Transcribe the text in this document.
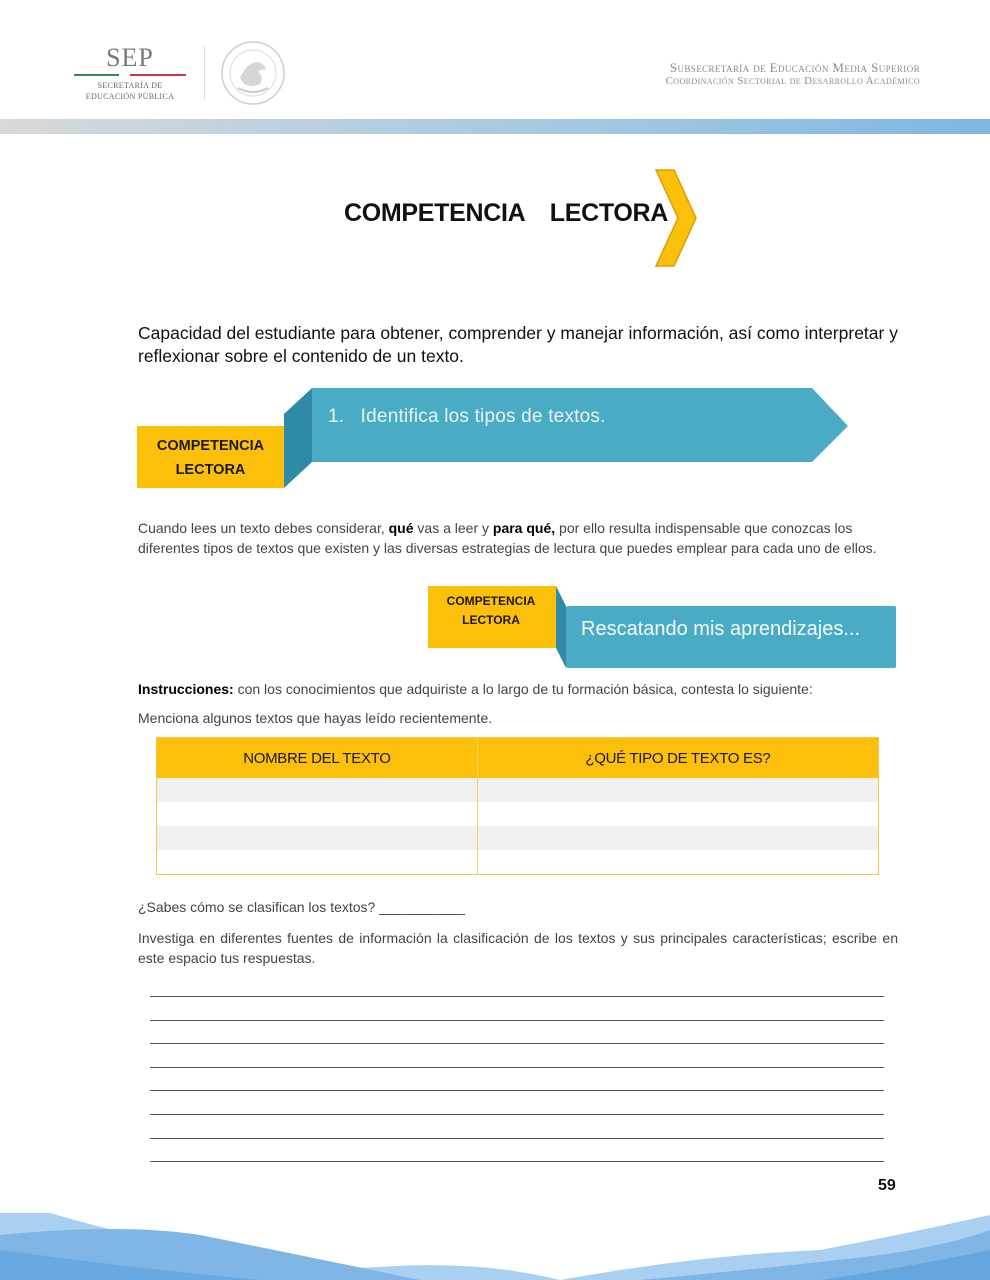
SEP
SECRETARÍA DE
EDUCACIÓN PÚBLICA
Subsecretaría de Educación Media Superior
Coordinación Sectorial de Desarrollo Académico
COMPETENCIA  LECTORA
Capacidad del estudiante para obtener, comprender y manejar información, así como interpretar y reflexionar sobre el contenido de un texto.
COMPETENCIA
LECTORA
1.   Identifica los tipos de textos.
Cuando lees un texto debes considerar, qué vas a leer y para qué, por ello resulta indispensable que conozcas los diferentes tipos de textos que existen y las diversas estrategias de lectura que puedes emplear para cada uno de ellos.
COMPETENCIA
LECTORA	Rescatando mis aprendizajes...
Instrucciones: con los conocimientos que adquiriste a lo largo de tu formación básica, contesta lo siguiente:
Menciona algunos textos que hayas leído recientemente.
NOMBRE DEL TEXTO	¿QUÉ TIPO DE TEXTO ES?

¿Sabes cómo se clasifican los textos? ___________
Investiga en diferentes fuentes de información la clasificación de los textos y sus principales características; escribe en este espacio tus respuestas.
59
